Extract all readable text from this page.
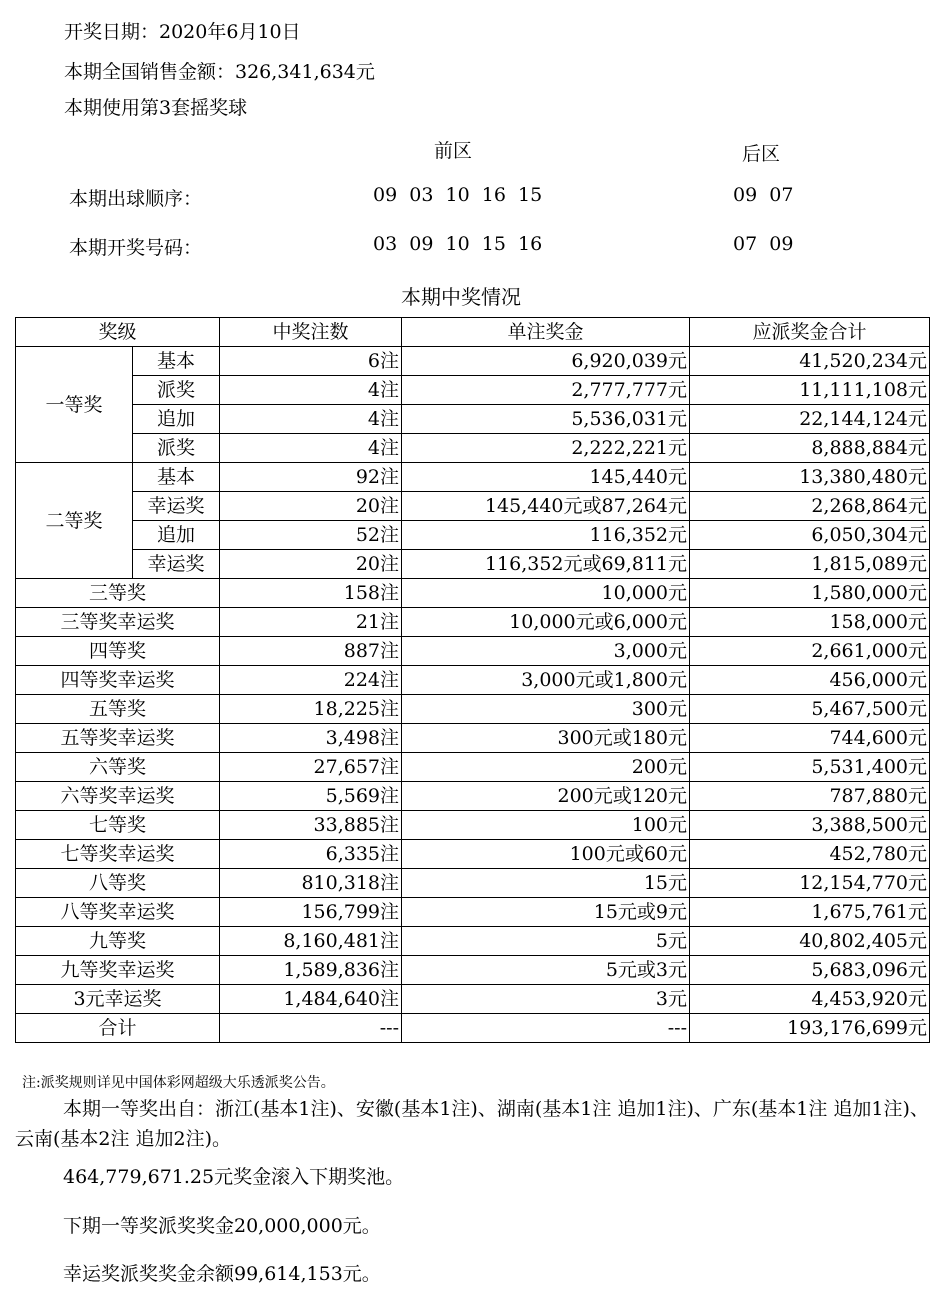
开奖日期：2020年6月10日
本期全国销售金额：326,341,634元
本期使用第3套摇奖球
前区	后区
本期出球顺序：	09  03  10  16  15	09  07
本期开奖号码：	03  09  10  15  16	07  09
本期中奖情况
奖级		中奖注数	单注奖金	应派奖金合计
一等奖	基本	6注	6,920,039元	41,520,234元
	派奖	4注	2,777,777元	11,111,108元
	追加	4注	5,536,031元	22,144,124元
	派奖	4注	2,222,221元	8,888,884元
二等奖	基本	92注	145,440元	13,380,480元
	幸运奖	20注	145,440元或87,264元	2,268,864元
	追加	52注	116,352元	6,050,304元
	幸运奖	20注	116,352元或69,811元	1,815,089元
三等奖		158注	10,000元	1,580,000元
三等奖幸运奖		21注	10,000元或6,000元	158,000元
四等奖		887注	3,000元	2,661,000元
四等奖幸运奖		224注	3,000元或1,800元	456,000元
五等奖		18,225注	300元	5,467,500元
五等奖幸运奖		3,498注	300元或180元	744,600元
六等奖		27,657注	200元	5,531,400元
六等奖幸运奖		5,569注	200元或120元	787,880元
七等奖		33,885注	100元	3,388,500元
七等奖幸运奖		6,335注	100元或60元	452,780元
八等奖		810,318注	15元	12,154,770元
八等奖幸运奖		156,799注	15元或9元	1,675,761元
九等奖		8,160,481注	5元	40,802,405元
九等奖幸运奖		1,589,836注	5元或3元	5,683,096元
3元幸运奖		1,484,640注	3元	4,453,920元
合计		---	---	193,176,699元
注:派奖规则详见中国体彩网超级大乐透派奖公告。
本期一等奖出自：浙江(基本1注)、安徽(基本1注)、湖南(基本1注 追加1注)、广东(基本1注 追加1注)、云南(基本2注 追加2注)。
464,779,671.25元奖金滚入下期奖池。
下期一等奖派奖奖金20,000,000元。
幸运奖派奖奖金余额99,614,153元。
